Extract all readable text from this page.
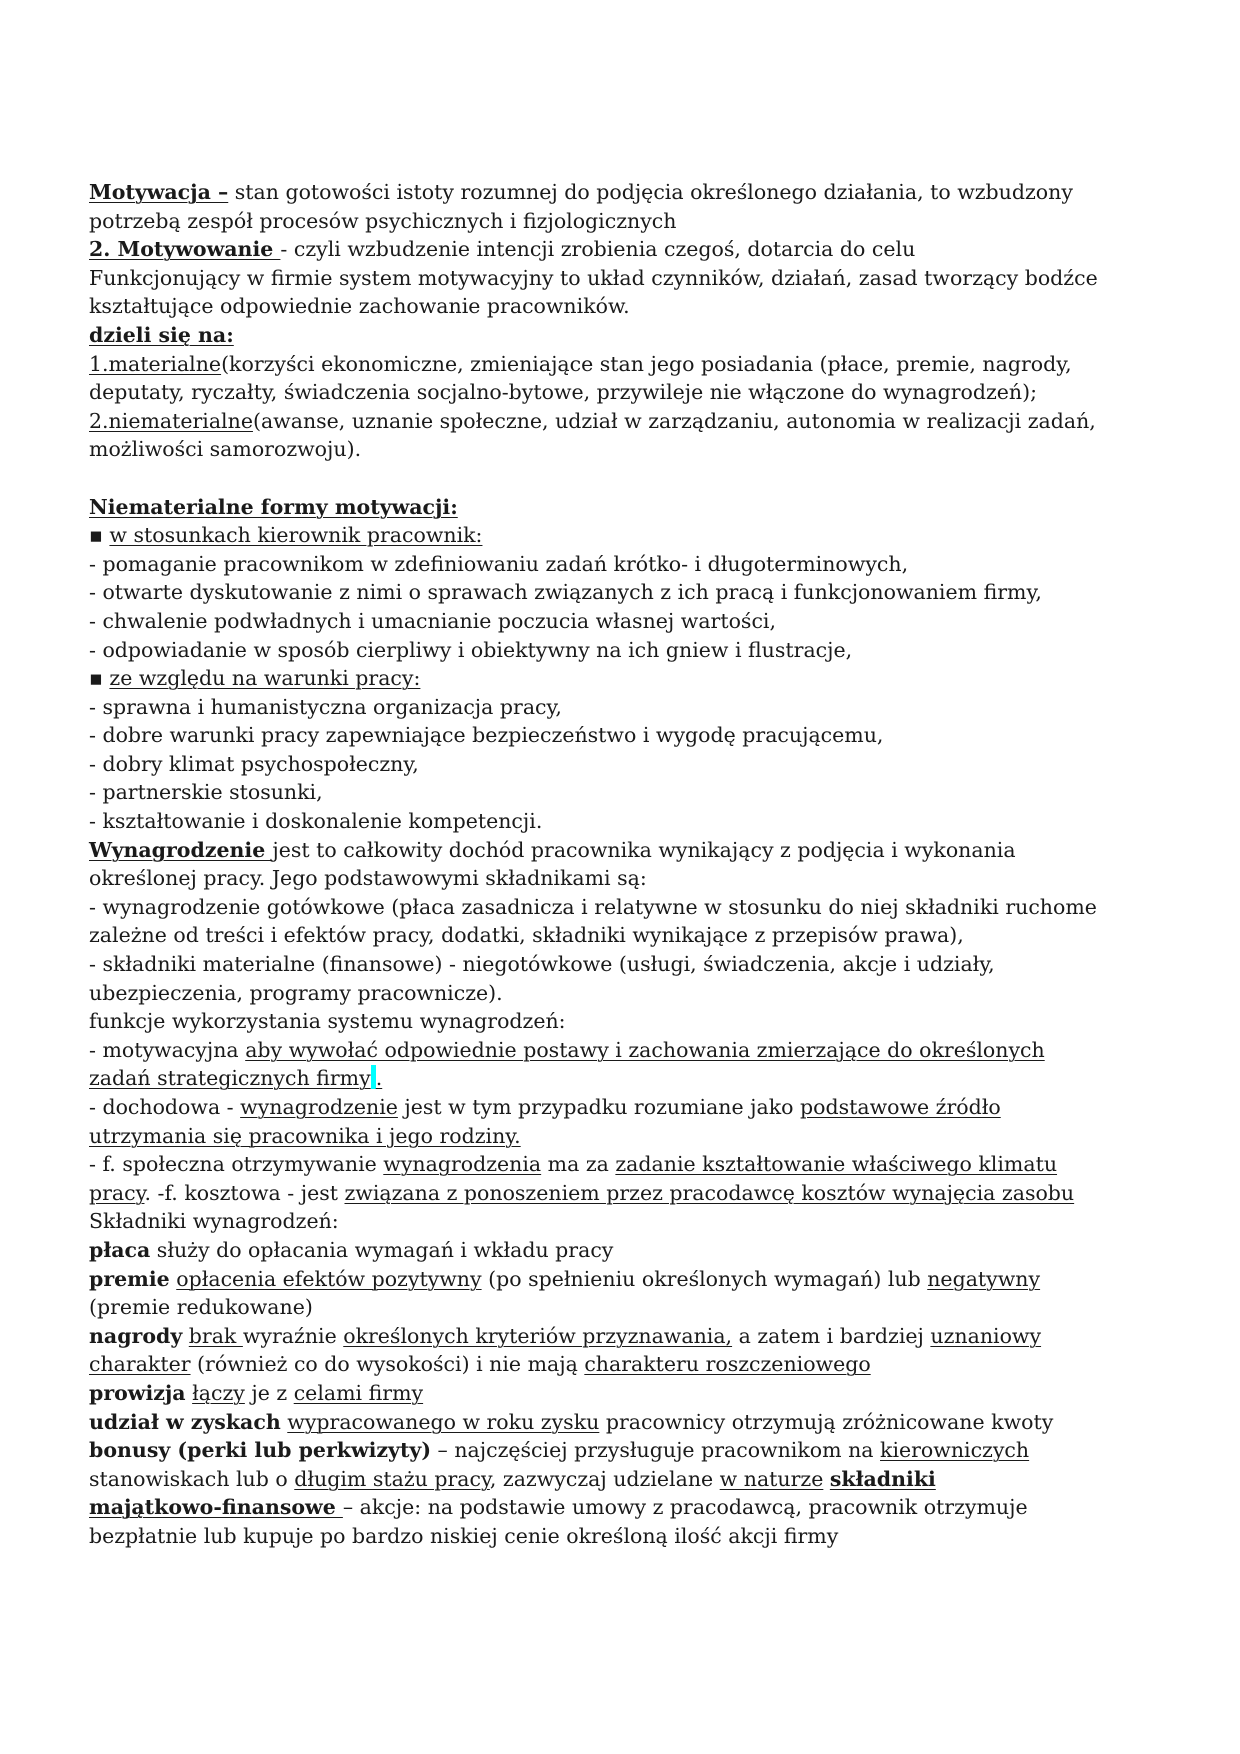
Motywacja – stan gotowości istoty rozumnej do podjęcia określonego działania, to wzbudzony
potrzebą zespół procesów psychicznych i fizjologicznych
2. Motywowanie - czyli wzbudzenie intencji zrobienia czegoś, dotarcia do celu
Funkcjonujący w firmie system motywacyjny to układ czynników, działań, zasad tworzący bodźce
kształtujące odpowiednie zachowanie pracowników.
dzieli się na:
1.materialne(korzyści ekonomiczne, zmieniające stan jego posiadania (płace, premie, nagrody,
deputaty, ryczałty, świadczenia socjalno-bytowe, przywileje nie włączone do wynagrodzeń);
2.niematerialne(awanse, uznanie społeczne, udział w zarządzaniu, autonomia w realizacji zadań,
możliwości samorozwoju).
Niematerialne formy motywacji:
▪ w stosunkach kierownik pracownik:
- pomaganie pracownikom w zdefiniowaniu zadań krótko- i długoterminowych,
- otwarte dyskutowanie z nimi o sprawach związanych z ich pracą i funkcjonowaniem firmy,
- chwalenie podwładnych i umacnianie poczucia własnej wartości,
- odpowiadanie w sposób cierpliwy i obiektywny na ich gniew i flustracje,
▪ ze względu na warunki pracy:
- sprawna i humanistyczna organizacja pracy,
- dobre warunki pracy zapewniające bezpieczeństwo i wygodę pracującemu,
- dobry klimat psychospołeczny,
- partnerskie stosunki,
- kształtowanie i doskonalenie kompetencji.
Wynagrodzenie jest to całkowity dochód pracownika wynikający z podjęcia i wykonania
określonej pracy. Jego podstawowymi składnikami są:
- wynagrodzenie gotówkowe (płaca zasadnicza i relatywne w stosunku do niej składniki ruchome
zależne od treści i efektów pracy, dodatki, składniki wynikające z przepisów prawa),
- składniki materialne (finansowe) - niegotówkowe (usługi, świadczenia, akcje i udziały,
ubezpieczenia, programy pracownicze).
funkcje wykorzystania systemu wynagrodzeń:
- motywacyjna aby wywołać odpowiednie postawy i zachowania zmierzające do określonych
zadań strategicznych firmy .
- dochodowa - wynagrodzenie jest w tym przypadku rozumiane jako podstawowe źródło
utrzymania się pracownika i jego rodziny.
- f. społeczna otrzymywanie wynagrodzenia ma za zadanie kształtowanie właściwego klimatu
pracy. -f. kosztowa - jest związana z ponoszeniem przez pracodawcę kosztów wynajęcia zasobu
Składniki wynagrodzeń:
płaca służy do opłacania wymagań i wkładu pracy
premie opłacenia efektów pozytywny (po spełnieniu określonych wymagań) lub negatywny
(premie redukowane)
nagrody brak wyraźnie określonych kryteriów przyznawania, a zatem i bardziej uznaniowy
charakter (również co do wysokości) i nie mają charakteru roszczeniowego
prowizja łączy je z celami firmy
udział w zyskach wypracowanego w roku zysku pracownicy otrzymują zróżnicowane kwoty
bonusy (perki lub perkwizyty) – najczęściej przysługuje pracownikom na kierowniczych
stanowiskach lub o długim stażu pracy, zazwyczaj udzielane w naturze składniki
majątkowo-finansowe – akcje: na podstawie umowy z pracodawcą, pracownik otrzymuje
bezpłatnie lub kupuje po bardzo niskiej cenie określoną ilość akcji firmy
